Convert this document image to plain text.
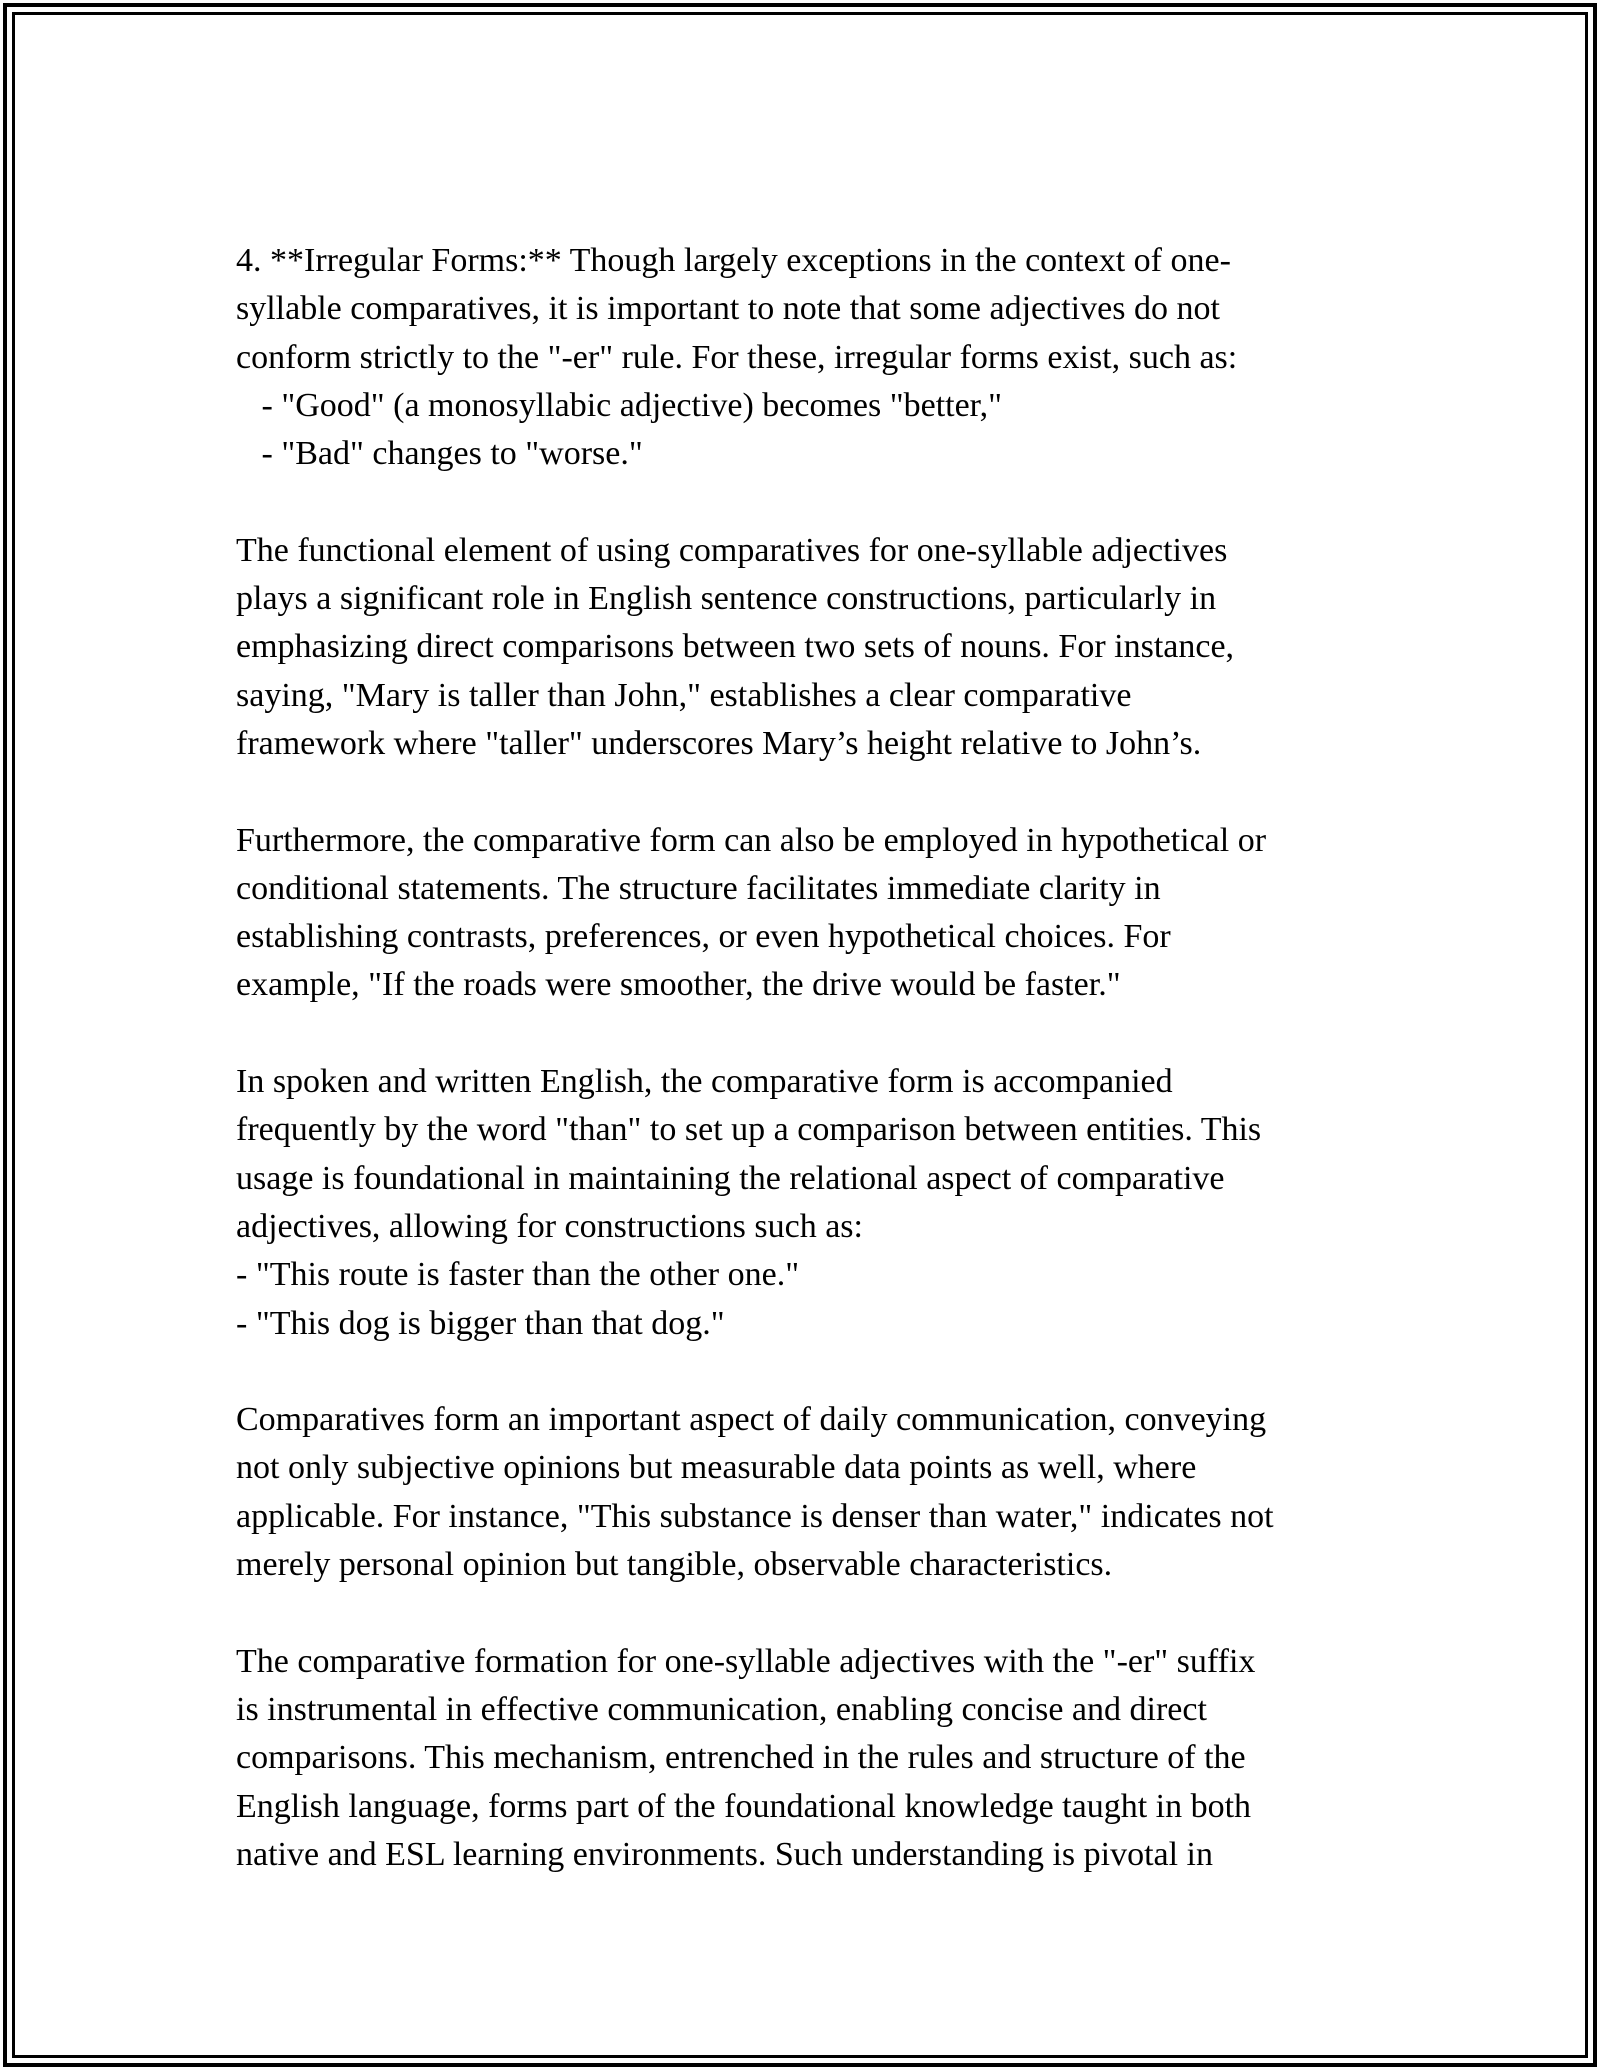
4. **Irregular Forms:** Though largely exceptions in the context of one-
syllable comparatives, it is important to note that some adjectives do not
conform strictly to the "-er" rule. For these, irregular forms exist, such as:
- "Good" (a monosyllabic adjective) becomes "better,"
- "Bad" changes to "worse."
The functional element of using comparatives for one-syllable adjectives
plays a significant role in English sentence constructions, particularly in
emphasizing direct comparisons between two sets of nouns. For instance,
saying, "Mary is taller than John," establishes a clear comparative
framework where "taller" underscores Mary’s height relative to John’s.
Furthermore, the comparative form can also be employed in hypothetical or
conditional statements. The structure facilitates immediate clarity in
establishing contrasts, preferences, or even hypothetical choices. For
example, "If the roads were smoother, the drive would be faster."
In spoken and written English, the comparative form is accompanied
frequently by the word "than" to set up a comparison between entities. This
usage is foundational in maintaining the relational aspect of comparative
adjectives, allowing for constructions such as:
- "This route is faster than the other one."
- "This dog is bigger than that dog."
Comparatives form an important aspect of daily communication, conveying
not only subjective opinions but measurable data points as well, where
applicable. For instance, "This substance is denser than water," indicates not
merely personal opinion but tangible, observable characteristics.
The comparative formation for one-syllable adjectives with the "-er" suffix
is instrumental in effective communication, enabling concise and direct
comparisons. This mechanism, entrenched in the rules and structure of the
English language, forms part of the foundational knowledge taught in both
native and ESL learning environments. Such understanding is pivotal in
